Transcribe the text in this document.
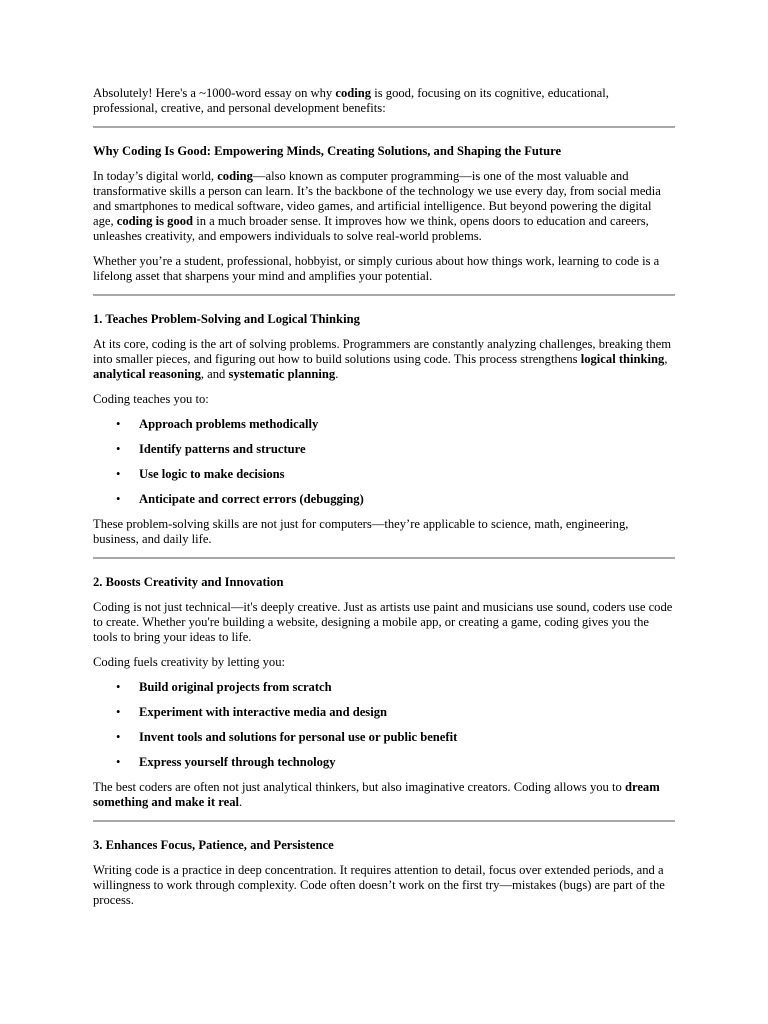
Absolutely! Here's a ~1000-word essay on why coding is good, focusing on its cognitive, educational, professional, creative, and personal development benefits:

Why Coding Is Good: Empowering Minds, Creating Solutions, and Shaping the Future

In today’s digital world, coding—also known as computer programming—is one of the most valuable and transformative skills a person can learn. It’s the backbone of the technology we use every day, from social media and smartphones to medical software, video games, and artificial intelligence. But beyond powering the digital age, coding is good in a much broader sense. It improves how we think, opens doors to education and careers, unleashes creativity, and empowers individuals to solve real-world problems.

Whether you’re a student, professional, hobbyist, or simply curious about how things work, learning to code is a lifelong asset that sharpens your mind and amplifies your potential.

1. Teaches Problem-Solving and Logical Thinking

At its core, coding is the art of solving problems. Programmers are constantly analyzing challenges, breaking them into smaller pieces, and figuring out how to build solutions using code. This process strengthens logical thinking, analytical reasoning, and systematic planning.

Coding teaches you to:

• Approach problems methodically
• Identify patterns and structure
• Use logic to make decisions
• Anticipate and correct errors (debugging)

These problem-solving skills are not just for computers—they’re applicable to science, math, engineering, business, and daily life.

2. Boosts Creativity and Innovation

Coding is not just technical—it's deeply creative. Just as artists use paint and musicians use sound, coders use code to create. Whether you're building a website, designing a mobile app, or creating a game, coding gives you the tools to bring your ideas to life.

Coding fuels creativity by letting you:

• Build original projects from scratch
• Experiment with interactive media and design
• Invent tools and solutions for personal use or public benefit
• Express yourself through technology

The best coders are often not just analytical thinkers, but also imaginative creators. Coding allows you to dream something and make it real.

3. Enhances Focus, Patience, and Persistence

Writing code is a practice in deep concentration. It requires attention to detail, focus over extended periods, and a willingness to work through complexity. Code often doesn’t work on the first try—mistakes (bugs) are part of the process.
